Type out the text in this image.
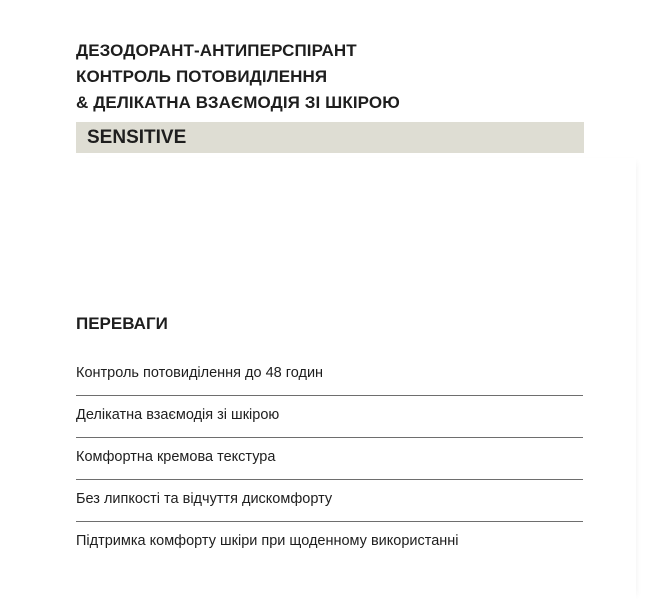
ДЕЗОДОРАНТ-АНТИПЕРСПІРАНТ
КОНТРОЛЬ ПОТОВИДІЛЕННЯ
& ДЕЛІКАТНА ВЗАЄМОДІЯ ЗІ ШКІРОЮ
SENSITIVE
ПЕРЕВАГИ
Контроль потовиділення до 48 годин
Делікатна взаємодія зі шкірою
Комфортна кремова текстура
Без липкості та відчуття дискомфорту
Підтримка комфорту шкіри при щоденному використанні
